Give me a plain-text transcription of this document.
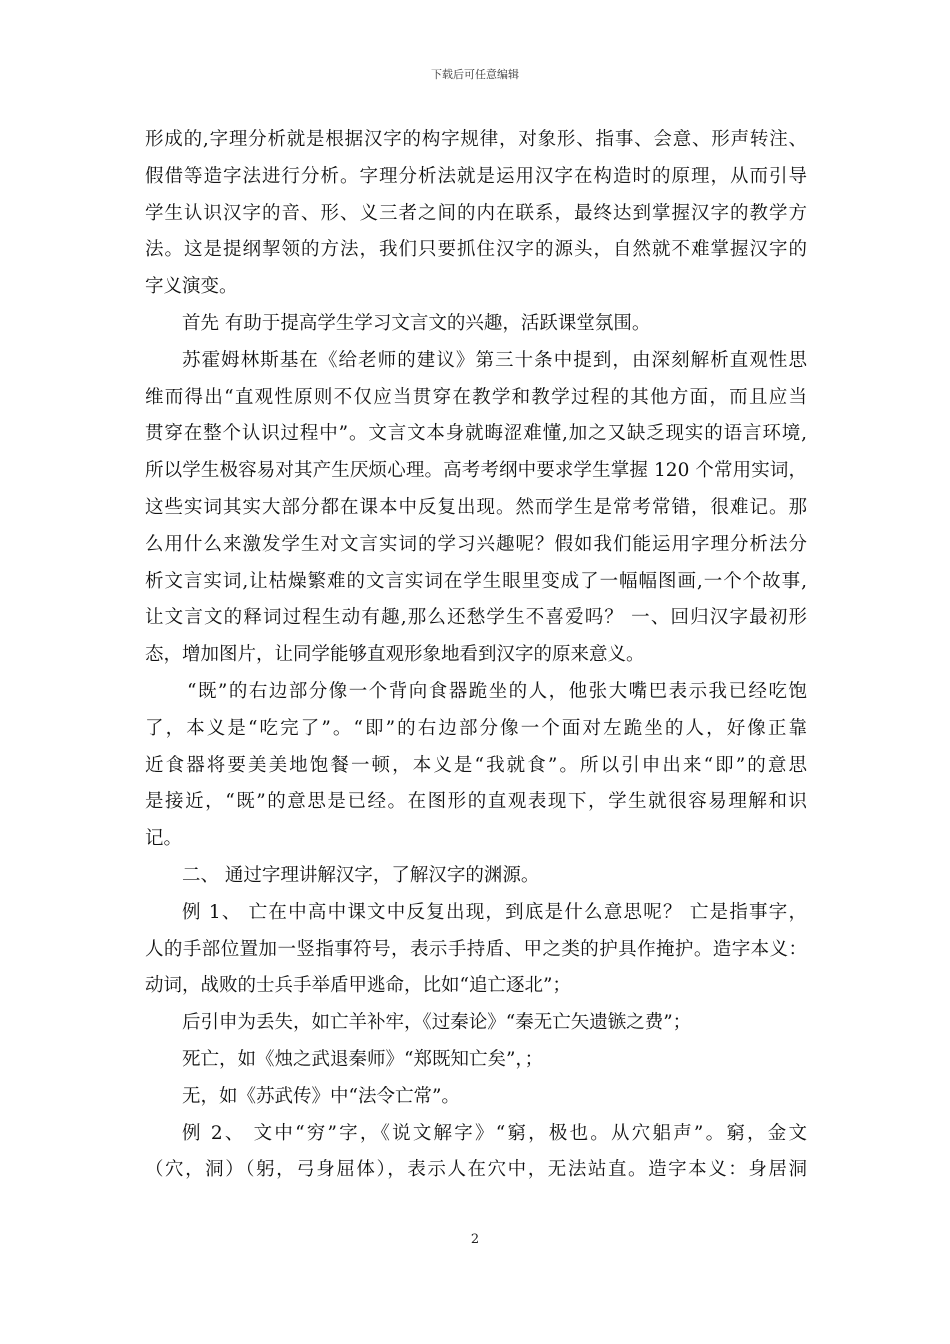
下载后可任意编辑
形成的,字理分析就是根据汉字的构字规律，对象形、指事、会意、形声转注、
假借等造字法进行分析。字理分析法就是运用汉字在构造时的原理，从而引导
学生认识汉字的音、形、义三者之间的内在联系，最终达到掌握汉字的教学方
法。这是提纲挈领的方法，我们只要抓住汉字的源头，自然就不难掌握汉字的
字义演变。
首先 有助于提高学生学习文言文的兴趣，活跃课堂氛围。
苏霍姆林斯基在《给老师的建议》第三十条中提到，由深刻解析直观性思
维而得出“直观性原则不仅应当贯穿在教学和教学过程的其他方面，而且应当
贯穿在整个认识过程中”。文言文本身就晦涩难懂,加之又缺乏现实的语言环境,
所以学生极容易对其产生厌烦心理。高考考纲中要求学生掌握 120 个常用实词，
这些实词其实大部分都在课本中反复出现。然而学生是常考常错，很难记。那
么用什么来激发学生对文言实词的学习兴趣呢？假如我们能运用字理分析法分
析文言实词,让枯燥繁难的文言实词在学生眼里变成了一幅幅图画,一个个故事,
让文言文的释词过程生动有趣,那么还愁学生不喜爱吗？ 一、回归汉字最初形
态，增加图片，让同学能够直观形象地看到汉字的原来意义。
“既”的右边部分像一个背向食器跪坐的人，他张大嘴巴表示我已经吃饱
了，本义是“吃完了”。“即”的右边部分像一个面对左跪坐的人，好像正靠
近食器将要美美地饱餐一顿，本义是“我就食”。所以引申出来“即”的意思
是接近，“既”的意思是已经。在图形的直观表现下，学生就很容易理解和识
记。
二、 通过字理讲解汉字，了解汉字的渊源。
例 1、 亡在中高中课文中反复出现，到底是什么意思呢？ 亡是指事字，
人的手部位置加一竖指事符号，表示手持盾、甲之类的护具作掩护。造字本义：
动词，战败的士兵手举盾甲逃命，比如“追亡逐北”；
后引申为丢失，如亡羊补牢，《过秦论》“秦无亡矢遗镞之费”；
死亡，如《烛之武退秦师》“郑既知亡矣”，；
无，如《苏武传》中“法令亡常”。
例 2、 文中“穷”字，《说文解字》“窮，极也。从穴躳声”。窮，金文
（穴，洞）（躬，弓身屈体），表示人在穴中，无法站直。造字本义：身居洞
2
